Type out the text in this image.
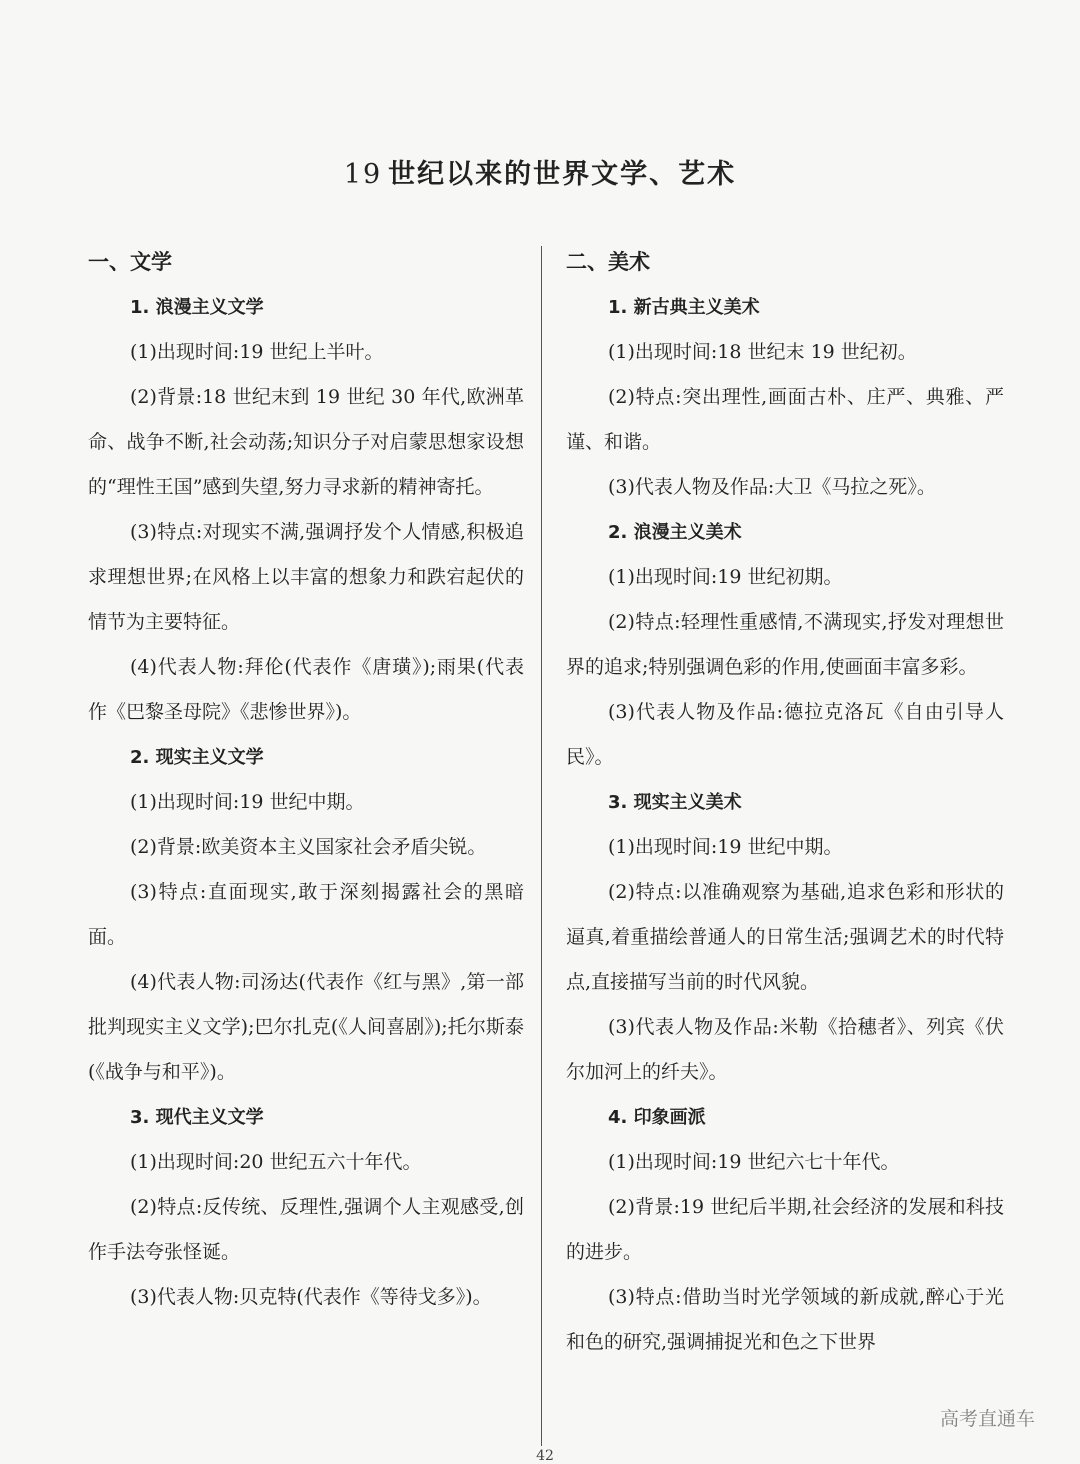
19 世纪以来的世界文学、艺术
一、文学
1. 浪漫主义文学
(1)出现时间:19 世纪上半叶。
(2)背景:18 世纪末到 19 世纪 30 年代,欧洲革命、战争不断,社会动荡;知识分子对启蒙思想家设想的“理性王国”感到失望,努力寻求新的精神寄托。
(3)特点:对现实不满,强调抒发个人情感,积极追求理想世界;在风格上以丰富的想象力和跌宕起伏的情节为主要特征。
(4)代表人物:拜伦(代表作《唐璜》);雨果(代表作《巴黎圣母院》《悲惨世界》)。
2. 现实主义文学
(1)出现时间:19 世纪中期。
(2)背景:欧美资本主义国家社会矛盾尖锐。
(3)特点:直面现实,敢于深刻揭露社会的黑暗面。
(4)代表人物:司汤达(代表作《红与黑》,第一部批判现实主义文学);巴尔扎克(《人间喜剧》);托尔斯泰(《战争与和平》)。
3. 现代主义文学
(1)出现时间:20 世纪五六十年代。
(2)特点:反传统、反理性,强调个人主观感受,创作手法夸张怪诞。
(3)代表人物:贝克特(代表作《等待戈多》)。
二、美术
1. 新古典主义美术
(1)出现时间:18 世纪末 19 世纪初。
(2)特点:突出理性,画面古朴、庄严、典雅、严谨、和谐。
(3)代表人物及作品:大卫《马拉之死》。
2. 浪漫主义美术
(1)出现时间:19 世纪初期。
(2)特点:轻理性重感情,不满现实,抒发对理想世界的追求;特别强调色彩的作用,使画面丰富多彩。
(3)代表人物及作品:德拉克洛瓦《自由引导人民》。
3. 现实主义美术
(1)出现时间:19 世纪中期。
(2)特点:以准确观察为基础,追求色彩和形状的逼真,着重描绘普通人的日常生活;强调艺术的时代特点,直接描写当前的时代风貌。
(3)代表人物及作品:米勒《拾穗者》、列宾《伏尔加河上的纤夫》。
4. 印象画派
(1)出现时间:19 世纪六七十年代。
(2)背景:19 世纪后半期,社会经济的发展和科技的进步。
(3)特点:借助当时光学领域的新成就,醉心于光和色的研究,强调捕捉光和色之下世界
42
高考直通车
